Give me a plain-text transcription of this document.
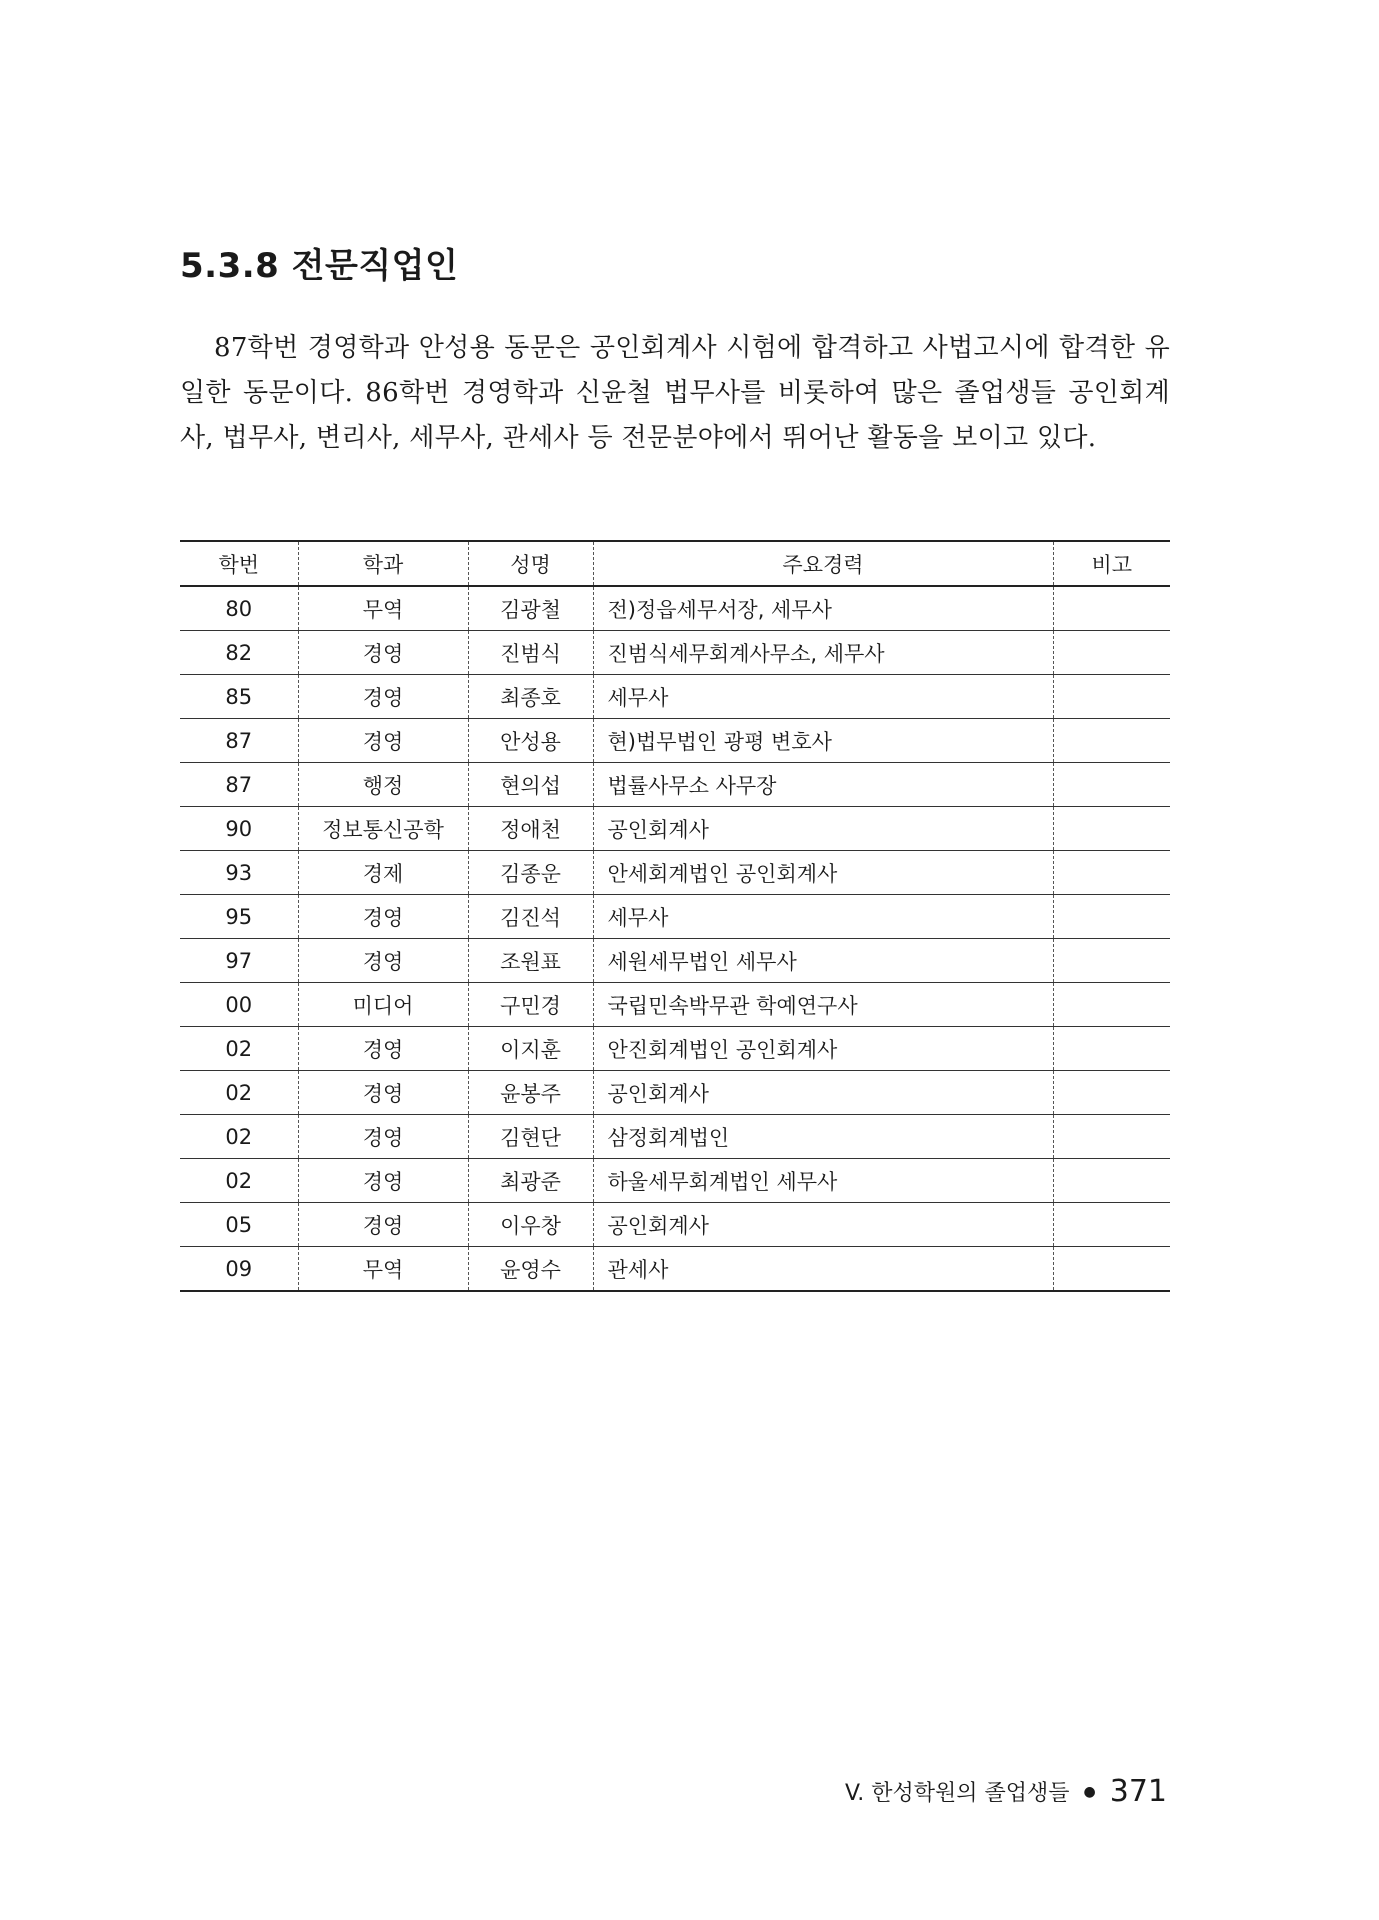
5.3.8 전문직업인

87학번 경영학과 안성용 동문은 공인회계사 시험에 합격하고 사법고시에 합격한 유일한 동문이다. 86학번 경영학과 신윤철 법무사를 비롯하여 많은 졸업생들 공인회계사, 법무사, 변리사, 세무사, 관세사 등 전문분야에서 뛰어난 활동을 보이고 있다.

학번	학과	성명	주요경력	비고
80	무역	김광철	전)정읍세무서장, 세무사	
82	경영	진범식	진범식세무회계사무소, 세무사	
85	경영	최종호	세무사	
87	경영	안성용	현)법무법인 광평 변호사	
87	행정	현의섭	법률사무소 사무장	
90	정보통신공학	정애천	공인회계사	
93	경제	김종운	안세회계법인 공인회계사	
95	경영	김진석	세무사	
97	경영	조원표	세원세무법인 세무사	
00	미디어	구민경	국립민속박무관 학예연구사	
02	경영	이지훈	안진회계법인 공인회계사	
02	경영	윤봉주	공인회계사	
02	경영	김현단	삼정회계법인	
02	경영	최광준	하울세무회계법인 세무사	
05	경영	이우창	공인회계사	
09	무역	윤영수	관세사	
V. 한성학원의 졸업생들 ● 371
